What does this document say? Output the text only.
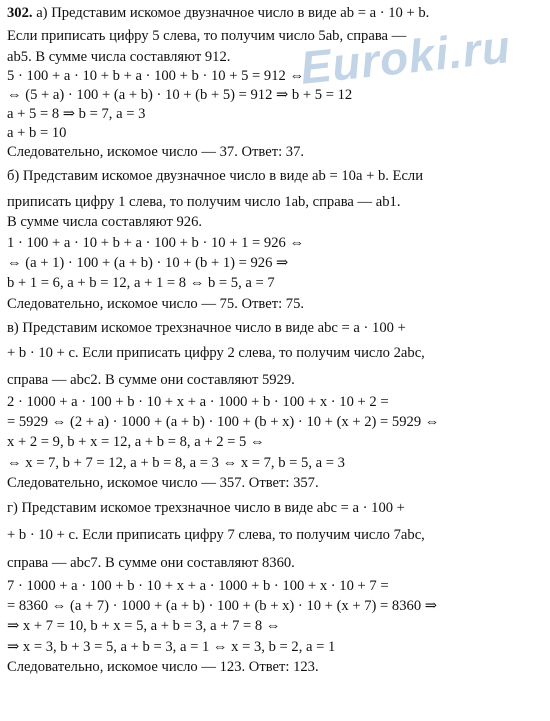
Euroki.ru
302. а) Представим искомое двузначное число в виде ab = a · 10 + b.
Если приписать цифру 5 слева, то получим число 5ab, справа —
ab5. В сумме числа составляют 912.
5 · 100 + a · 10 + b + a · 100 + b · 10 + 5 = 912 ⇔
⇔ (5 + a) · 100 + (a + b) · 10 + (b + 5) = 912 ⇒ b + 5 = 12
a + 5 = 8 ⇒ b = 7, a = 3
a + b = 10
Следовательно, искомое число — 37. Ответ: 37.
б) Представим искомое двузначное число в виде ab = 10a + b. Если
приписать цифру 1 слева, то получим число 1ab, справа — ab1.
В сумме числа составляют 926.
1 · 100 + a · 10 + b + a · 100 + b · 10 + 1 = 926 ⇔
⇔ (a + 1) · 100 + (a + b) · 10 + (b + 1) = 926 ⇒
b + 1 = 6, a + b = 12, a + 1 = 8 ⇔ b = 5, a = 7
Следовательно, искомое число — 75. Ответ: 75.
в) Представим искомое трехзначное число в виде abc = a · 100 +
+ b · 10 + c. Если приписать цифру 2 слева, то получим число 2abc,
справа — abc2. В сумме они составляют 5929.
2 · 1000 + a · 100 + b · 10 + x + a · 1000 + b · 100 + x · 10 + 2 =
= 5929 ⇔ (2 + a) · 1000 + (a + b) · 100 + (b + x) · 10 + (x + 2) = 5929 ⇔
x + 2 = 9, b + x = 12, a + b = 8, a + 2 = 5 ⇔
⇔ x = 7, b + 7 = 12, a + b = 8, a = 3 ⇔ x = 7, b = 5, a = 3
Следовательно, искомое число — 357. Ответ: 357.
г) Представим искомое трехзначное число в виде abc = a · 100 +
+ b · 10 + c. Если приписать цифру 7 слева, то получим число 7abc,
справа — abc7. В сумме они составляют 8360.
7 · 1000 + a · 100 + b · 10 + x + a · 1000 + b · 100 + x · 10 + 7 =
= 8360 ⇔ (a + 7) · 1000 + (a + b) · 100 + (b + x) · 10 + (x + 7) = 8360 ⇒
⇒ x + 7 = 10, b + x = 5, a + b = 3, a + 7 = 8 ⇔
⇒ x = 3, b + 3 = 5, a + b = 3, a = 1 ⇔ x = 3, b = 2, a = 1
Следовательно, искомое число — 123. Ответ: 123.
